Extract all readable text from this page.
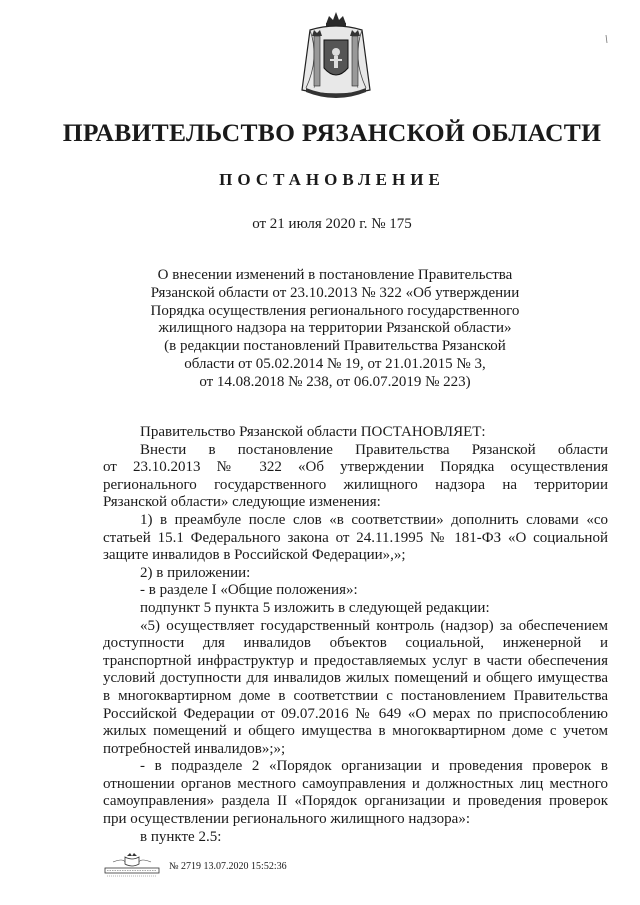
ПРАВИТЕЛЬСТВО РЯЗАНСКОЙ ОБЛАСТИ
ПОСТАНОВЛЕНИЕ
от 21 июля 2020 г. № 175
О внесении изменений в постановление Правительства
Рязанской области от 23.10.2013 № 322 «Об утверждении
Порядка осуществления регионального государственного
жилищного надзора на территории Рязанской области»
(в редакции постановлений Правительства Рязанской
области от 05.02.2014 № 19, от 21.01.2015 № 3,
от 14.08.2018 № 238, от 06.07.2019 № 223)
Правительство Рязанской области ПОСТАНОВЛЯЕТ:
Внести в постановление Правительства Рязанской области
от 23.10.2013 № 322 «Об утверждении Порядка осуществления
регионального государственного жилищного надзора на территории
Рязанской области» следующие изменения:
1) в преамбуле после слов «в соответствии» дополнить словами «со
статьей 15.1 Федерального закона от 24.11.1995 № 181-ФЗ «О социальной
защите инвалидов в Российской Федерации»,»;
2) в приложении:
- в разделе I «Общие положения»:
подпункт 5 пункта 5 изложить в следующей редакции:
«5) осуществляет государственный контроль (надзор) за обеспечением
доступности для инвалидов объектов социальной, инженерной и
транспортной инфраструктур и предоставляемых услуг в части обеспечения
условий доступности для инвалидов жилых помещений и общего имущества
в многоквартирном доме в соответствии с постановлением Правительства
Российской Федерации от 09.07.2016 № 649 «О мерах по приспособлению
жилых помещений и общего имущества в многоквартирном доме с учетом
потребностей инвалидов»;»;
- в подразделе 2 «Порядок организации и проведения проверок в
отношении органов местного самоуправления и должностных лиц местного
самоуправления» раздела II «Порядок организации и проведения проверок
при осуществлении регионального жилищного надзора»:
в пункте 2.5:
№ 2719 13.07.2020 15:52:36
